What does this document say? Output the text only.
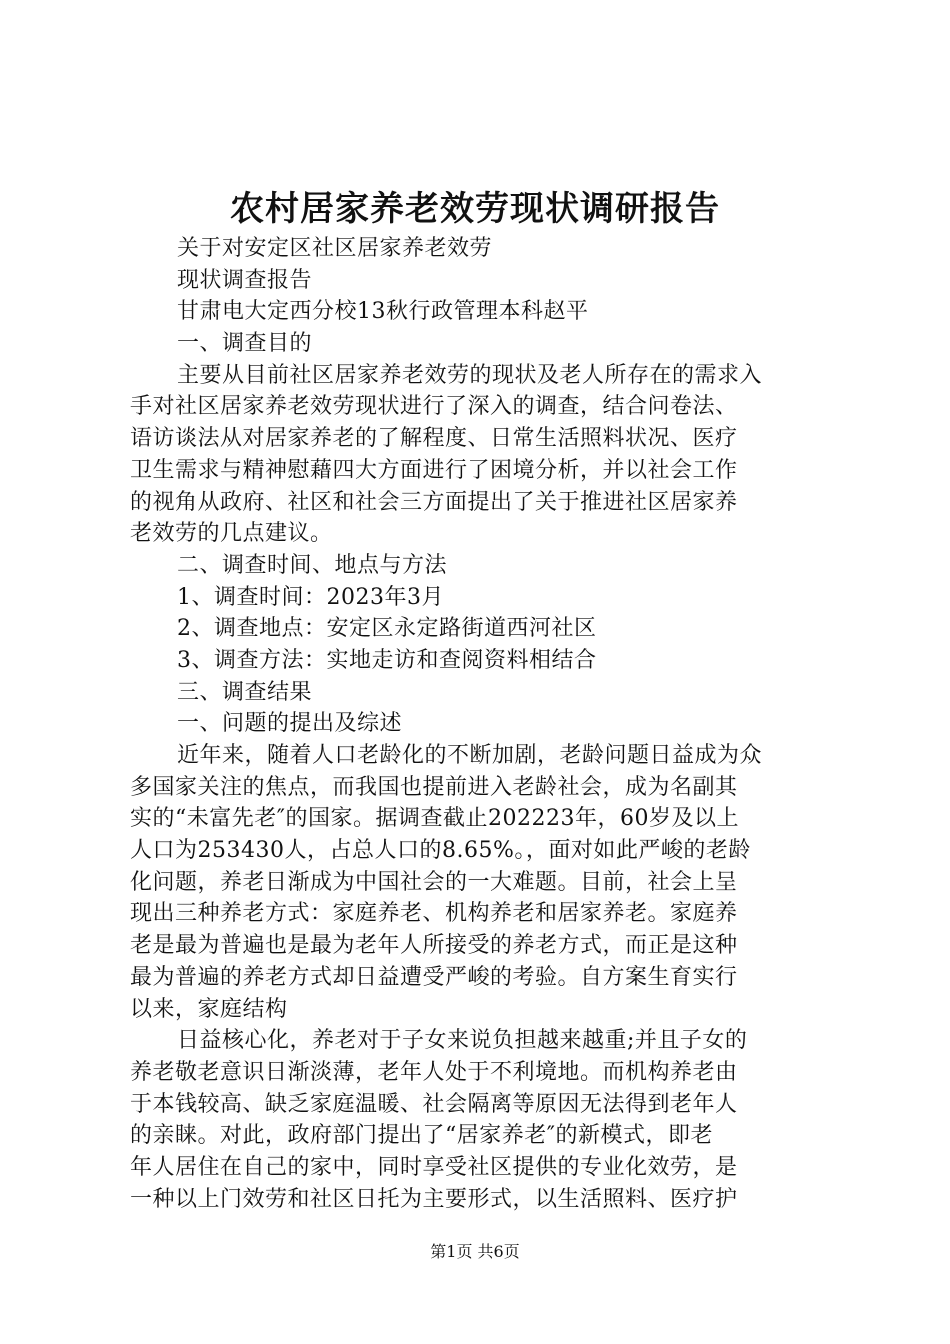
农村居家养老效劳现状调研报告
关于对安定区社区居家养老效劳
现状调查报告
甘肃电大定西分校13秋行政管理本科赵平
一、调查目的
主要从目前社区居家养老效劳的现状及老人所存在的需求入
手对社区居家养老效劳现状进行了深入的调查，结合问卷法、
语访谈法从对居家养老的了解程度、日常生活照料状况、医疗
卫生需求与精神慰藉四大方面进行了困境分析，并以社会工作
的视角从政府、社区和社会三方面提出了关于推进社区居家养
老效劳的几点建议。
二、调查时间、地点与方法
1、调查时间：2023年3月
2、调查地点：安定区永定路街道西河社区
3、调查方法：实地走访和查阅资料相结合
三、调查结果
一、问题的提出及综述
近年来，随着人口老龄化的不断加剧，老龄问题日益成为众
多国家关注的焦点，而我国也提前进入老龄社会，成为名副其
实的“未富先老″的国家。据调查截止202223年，60岁及以上
人口为253430人，占总人口的8.65%。，面对如此严峻的老龄
化问题，养老日渐成为中国社会的一大难题。目前，社会上呈
现出三种养老方式：家庭养老、机构养老和居家养老。家庭养
老是最为普遍也是最为老年人所接受的养老方式，而正是这种
最为普遍的养老方式却日益遭受严峻的考验。自方案生育实行
以来，家庭结构
日益核心化，养老对于子女来说负担越来越重;并且子女的
养老敬老意识日渐淡薄，老年人处于不利境地。而机构养老由
于本钱较高、缺乏家庭温暖、社会隔离等原因无法得到老年人
的亲睐。对此，政府部门提出了“居家养老″的新模式，即老
年人居住在自己的家中，同时享受社区提供的专业化效劳，是
一种以上门效劳和社区日托为主要形式，以生活照料、医疗护
第1页 共6页
